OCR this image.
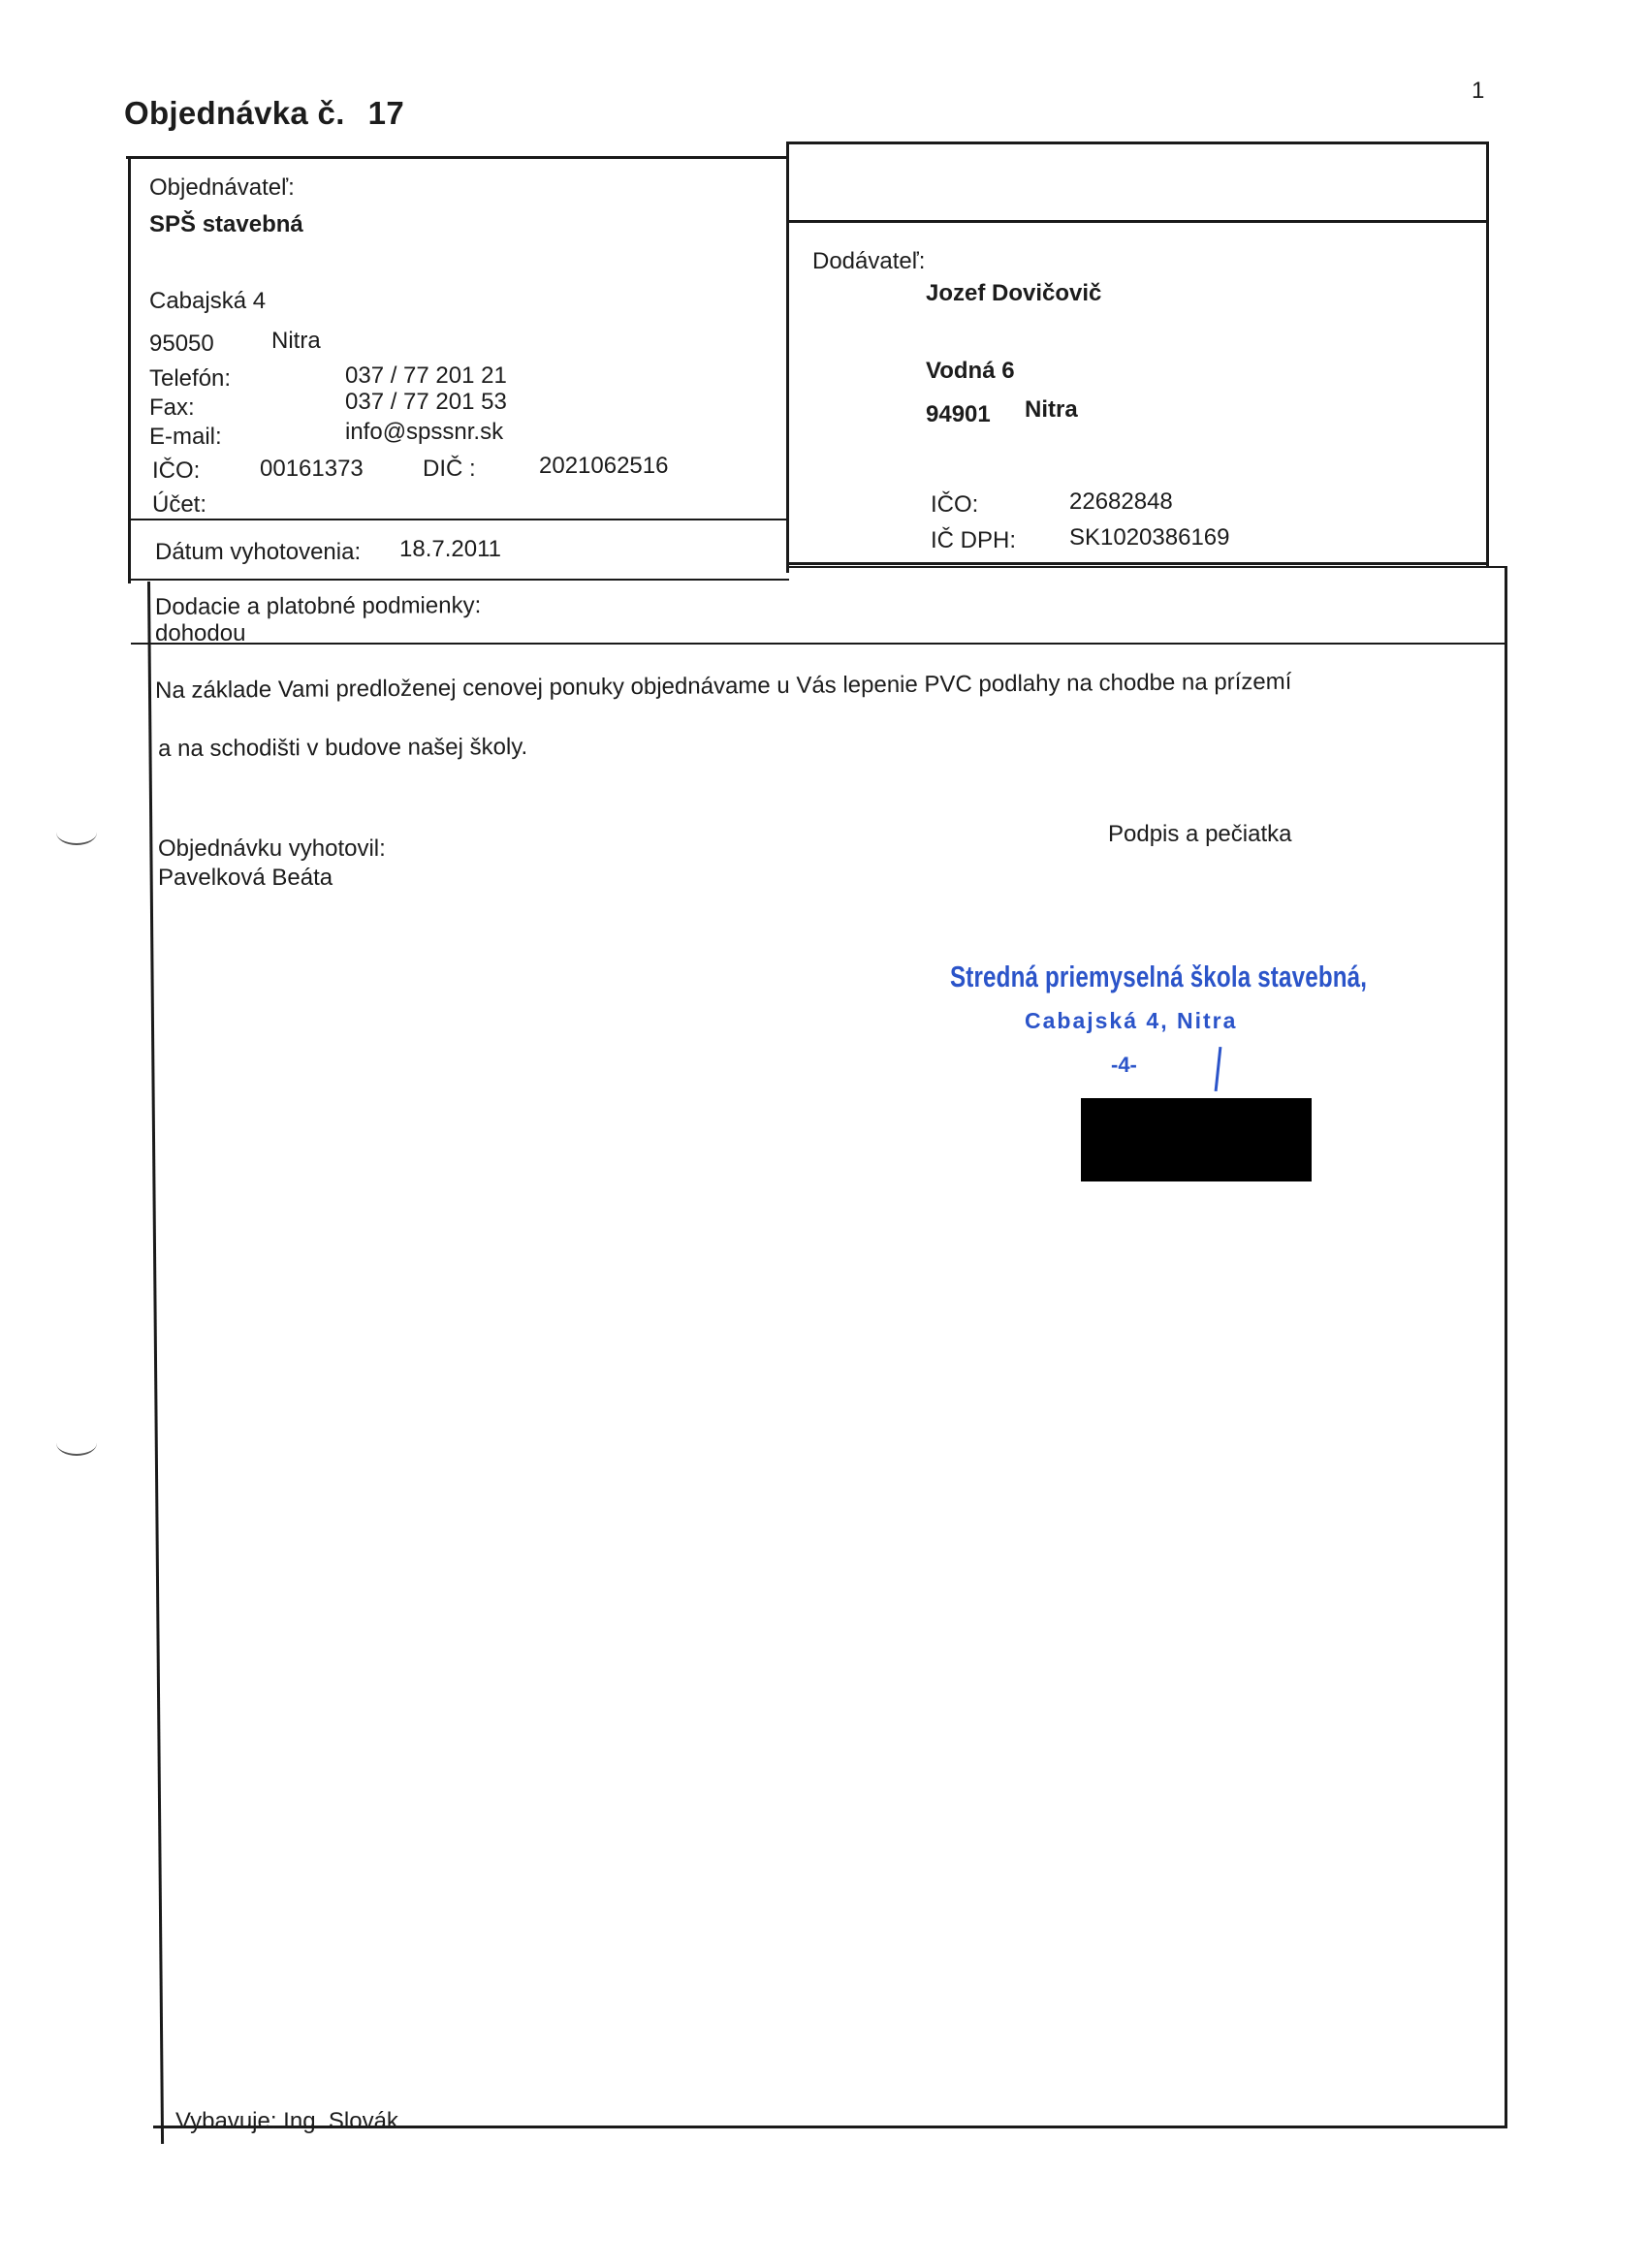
1
Objednávka č. 17
Objednávateľ:
SPŠ stavebná
Cabajská 4
95050 Nitra
Telefón:	037 / 77 201 21
Fax:	037 / 77 201 53
E-mail:	info@spssnr.sk
IČO:	00161373	DIČ :	2021062516
Účet:
Dátum vyhotovenia: 18.7.2011
Dodávateľ:
Jozef Dovičovič
Vodná 6
94901 Nitra
IČO:	22682848
IČ DPH: SK1020386169
Dodacie a platobné podmienky:
dohodou
Na základe Vami predloženej cenovej ponuky objednávame u Vás lepenie PVC podlahy na chodbe na prízemí
a na schodišti v budove našej školy.
Objednávku vyhotovil:
Pavelková Beáta
Podpis a pečiatka
Stredná priemyselná škola stavebná,
Cabajská 4, Nitra
-4-
Vybavuje: Ing. Slovák
